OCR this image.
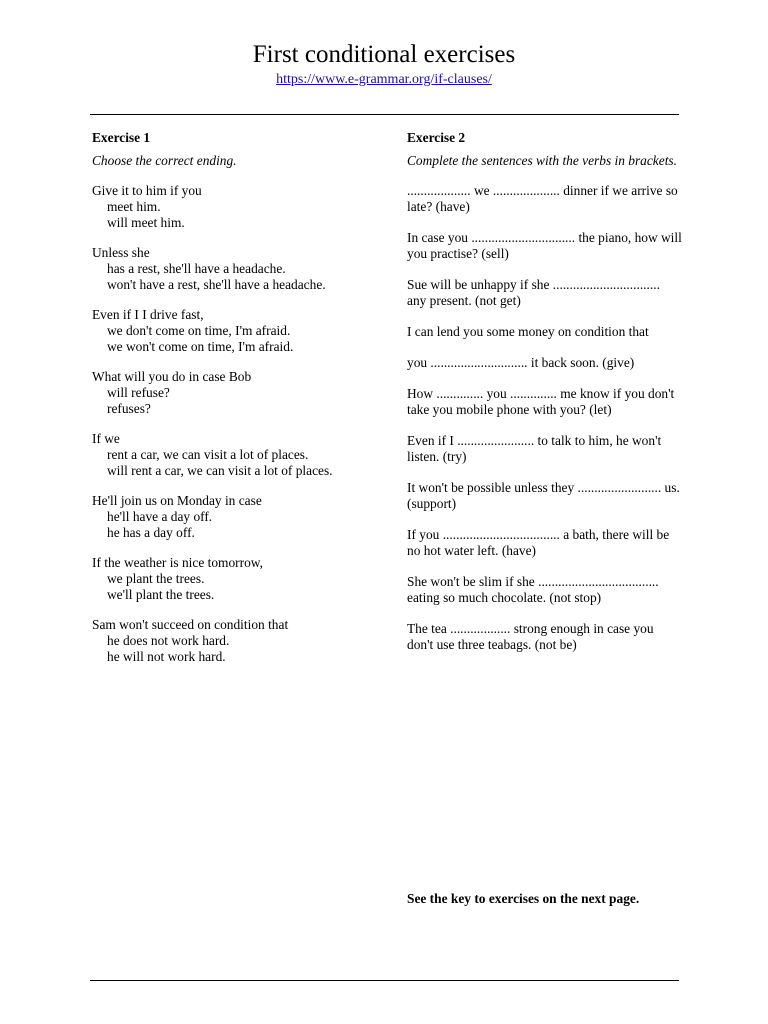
First conditional exercises
https://www.e-grammar.org/if-clauses/
Exercise 1
Choose the correct ending.
Give it to him if you
meet him.
will meet him.
Unless she
has a rest, she'll have a headache.
won't have a rest, she'll have a headache.
Even if I I drive fast,
we don't come on time, I'm afraid.
we won't come on time, I'm afraid.
What will you do in case Bob
will refuse?
refuses?
If we
rent a car, we can visit a lot of places.
will rent a car, we can visit a lot of places.
He'll join us on Monday in case
he'll have a day off.
he has a day off.
If the weather is nice tomorrow,
we plant the trees.
we'll plant the trees.
Sam won't succeed on condition that
he does not work hard.
he will not work hard.
Exercise 2
Complete the sentences with the verbs in brackets.
................... we .................... dinner if we arrive so late? (have)
In case you ............................... the piano, how will you practise? (sell)
Sue will be unhappy if she ................................ any present. (not get)
I can lend you some money on condition that
you ............................. it back soon. (give)
How .............. you .............. me know if you don't take you mobile phone with you? (let)
Even if I ....................... to talk to him, he won't listen. (try)
It won't be possible unless they ......................... us. (support)
If you ................................... a bath, there will be no hot water left. (have)
She won't be slim if she .................................... eating so much chocolate. (not stop)
The tea .................. strong enough in case you don't use three teabags. (not be)
See the key to exercises on the next page.
